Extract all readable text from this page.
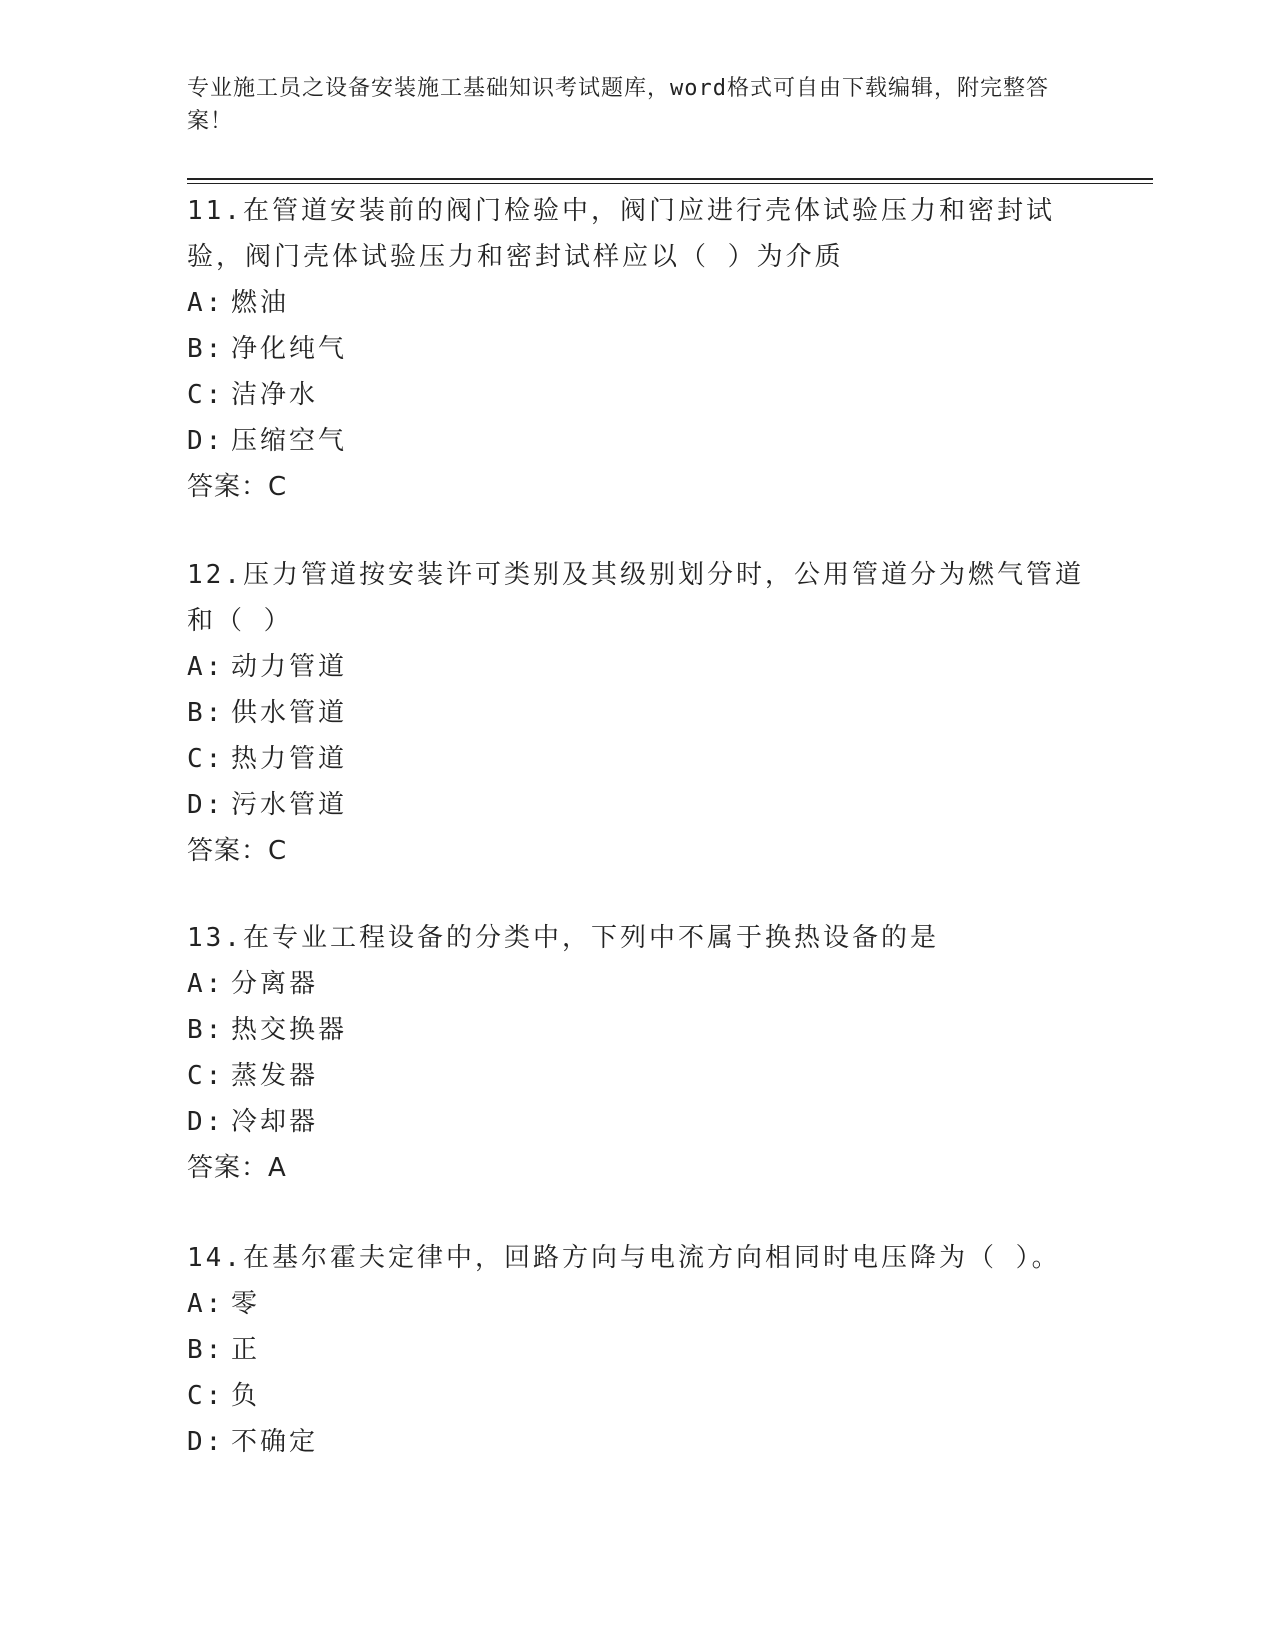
专业施工员之设备安装施工基础知识考试题库，word格式可自由下载编辑，附完整答案！
11.在管道安装前的阀门检验中，阀门应进行壳体试验压力和密封试验，阀门壳体试验压力和密封试样应以（ ）为介质
A: 燃油
B: 净化纯气
C: 洁净水
D: 压缩空气
答案：C
12.压力管道按安装许可类别及其级别划分时，公用管道分为燃气管道和（ ）
A: 动力管道
B: 供水管道
C: 热力管道
D: 污水管道
答案：C
13.在专业工程设备的分类中，下列中不属于换热设备的是
A: 分离器
B: 热交换器
C: 蒸发器
D: 冷却器
答案：A
14.在基尔霍夫定律中，回路方向与电流方向相同时电压降为（ ）。
A: 零
B: 正
C: 负
D: 不确定
